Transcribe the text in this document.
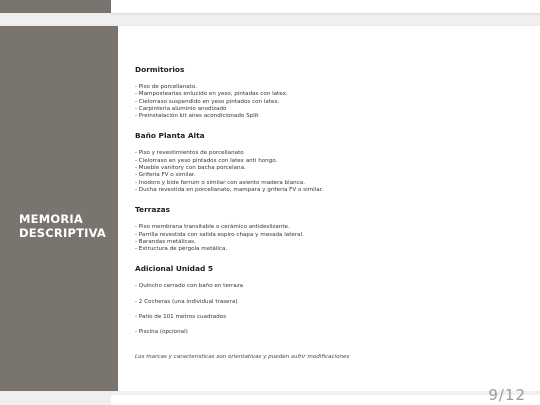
MEMORIA
DESCRIPTIVA
Dormitorios
- Piso de porcellanato.
- Mampostearias enlucido en yeso, pintadas con latex.
- Cielorraso suspendido en yeso pintados con latex.
- Carpinteria aluminio anodizado
- Preinstalación kit aires acondicionado Split
Baño Planta Alta
- Piso y revestimientos de porcellanato
- Cielorraso en yeso pintados con latex anti hongo.
- Mueble vanitory con bacha porcelana.
- Griferia FV o similar.
- Inodoro y bide ferrum o similar con asiento madera blanca.
- Ducha revestida en porcellanato, mampara y griferia FV o similar.
Terrazas
- Piso membrana transitable o cerámico antideslizante.
- Parrilla revestida con salida espiro chapa y mesada lateral.
- Barandas metálicas.
- Estructura de pérgola metálica.
Adicional Unidad 5
- Quincho cerrado con baño en terraza
- 2 Cocheras (una individual trasera)
- Patio de 101 metros cuadrados
- Piscina (opcional)

Los marcas y caracteristicas son orientativas y pueden sufrir modificaciones

9/12
